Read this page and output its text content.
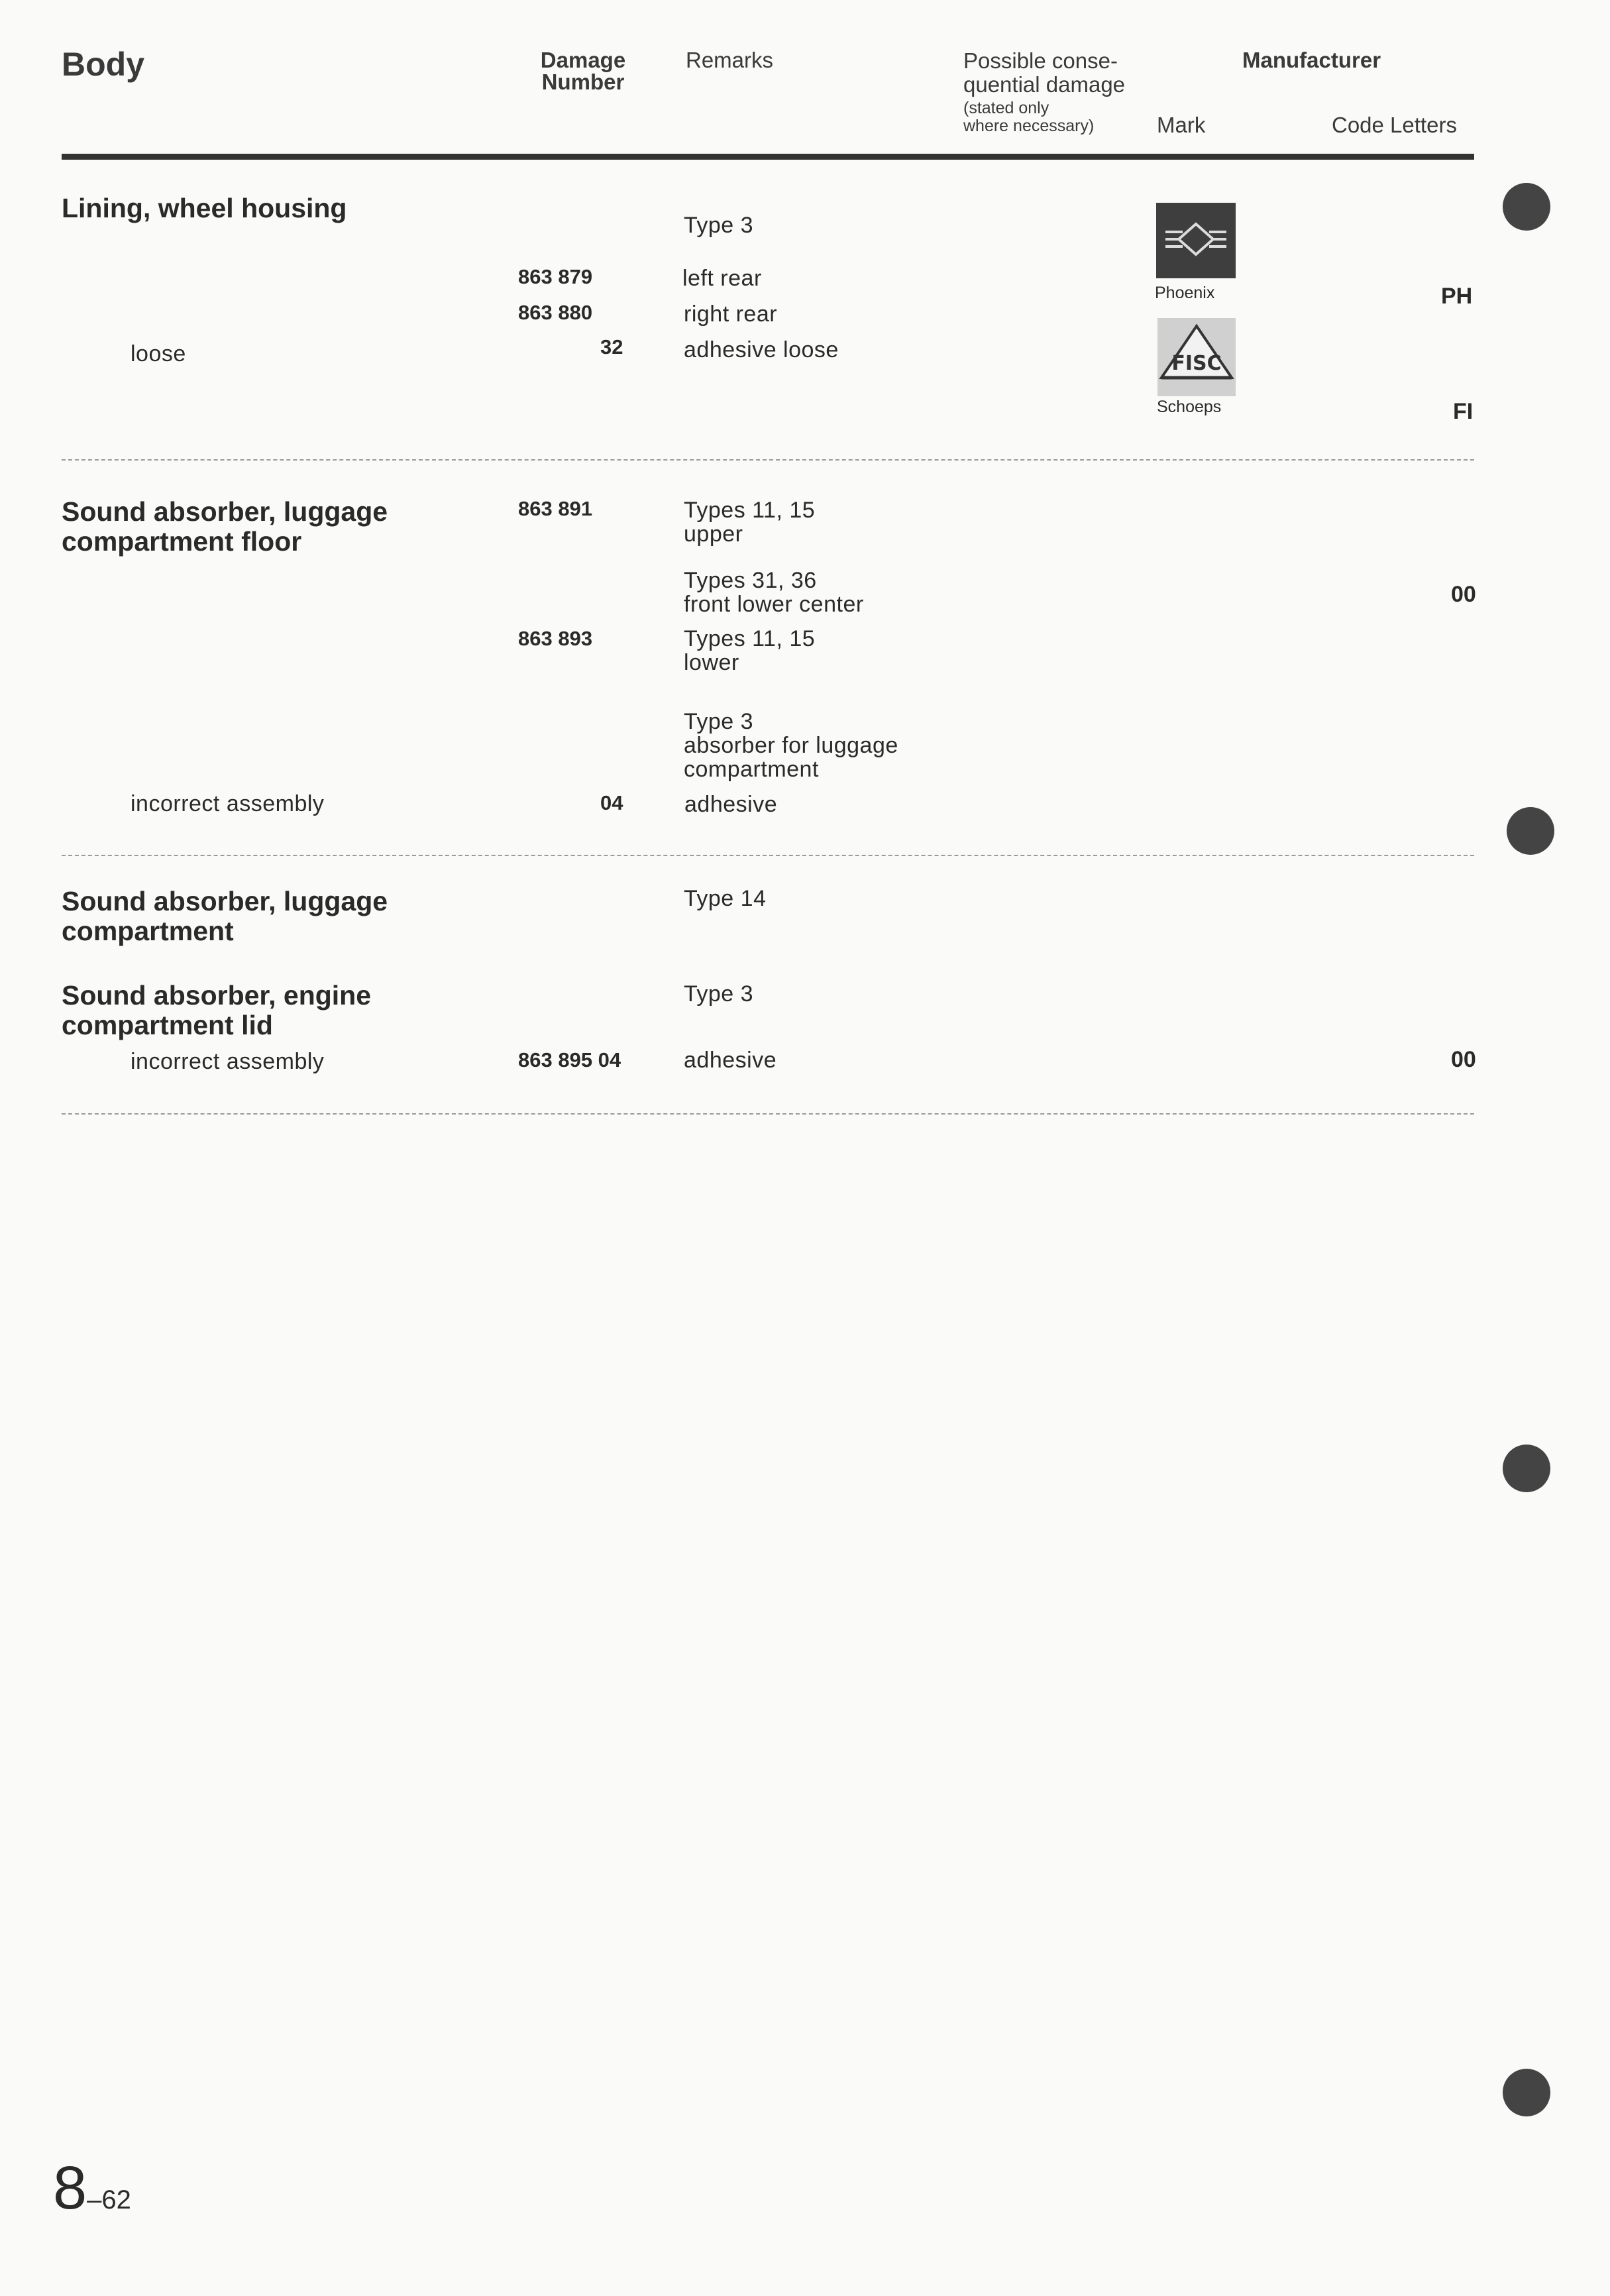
Body	Damage
Number
Remarks	Possible conse-
quential damage
(stated only
where necessary)
Manufacturer
Mark	Code Letters
Lining, wheel housing
Type 3
863 879	left rear
863 880	right rear
loose	32	adhesive loose
Phoenix	PH
FISC
Schoeps	FI
Sound absorber, luggage
compartment floor
863 891	Types 11, 15
upper
Types 31, 36
front lower center	00
863 893	Types 11, 15
lower
Type 3
absorber for luggage
compartment
incorrect assembly	04	adhesive
Sound absorber, luggage
compartment
Type 14
Sound absorber, engine
compartment lid
Type 3
incorrect assembly	863 895 04	adhesive	00
8–62
